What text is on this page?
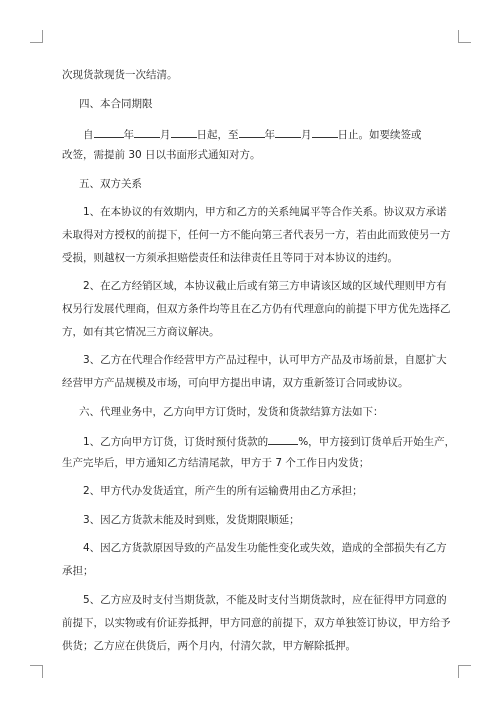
次现货款现货一次结清。
四、本合同期限
自	年 月 日起，至 年 月 日止。如要续签或
改签，需提前 30 日以书面形式通知对方。
五、双方关系
1、在本协议的有效期内，甲方和乙方的关系纯属平等合作关系。协议双方承诺
未取得对方授权的前提下，任何一方不能向第三者代表另一方，若由此而致使另一方
受损，则越权一方须承担赔偿责任和法律责任且等同于对本协议的违约。
2、在乙方经销区域，本协议截止后或有第三方申请该区域的区域代理则甲方有
权另行发展代理商，但双方条件均等且在乙方仍有代理意向的前提下甲方优先选择乙
方，如有其它情况三方商议解决。
3、乙方在代理合作经营甲方产品过程中，认可甲方产品及市场前景，自愿扩大
经营甲方产品规模及市场，可向甲方提出申请，双方重新签订合同或协议。
六、代理业务中，乙方向甲方订货时，发货和货款结算方法如下：
1、乙方向甲方订货，订货时预付货款的	%，甲方接到订货单后开始生产，
生产完毕后，甲方通知乙方结清尾款，甲方于 7 个工作日内发货；
2、甲方代办发货适宜，所产生的所有运输费用由乙方承担；
3、因乙方货款未能及时到账，发货期限顺延；
4、因乙方货款原因导致的产品发生功能性变化或失效，造成的全部损失有乙方
承担；
5、乙方应及时支付当期货款，不能及时支付当期货款时，应在征得甲方同意的
前提下，以实物或有价证券抵押，甲方同意的前提下，双方单独签订协议，甲方给予
供货；乙方应在供货后，两个月内，付清欠款，甲方解除抵押。
